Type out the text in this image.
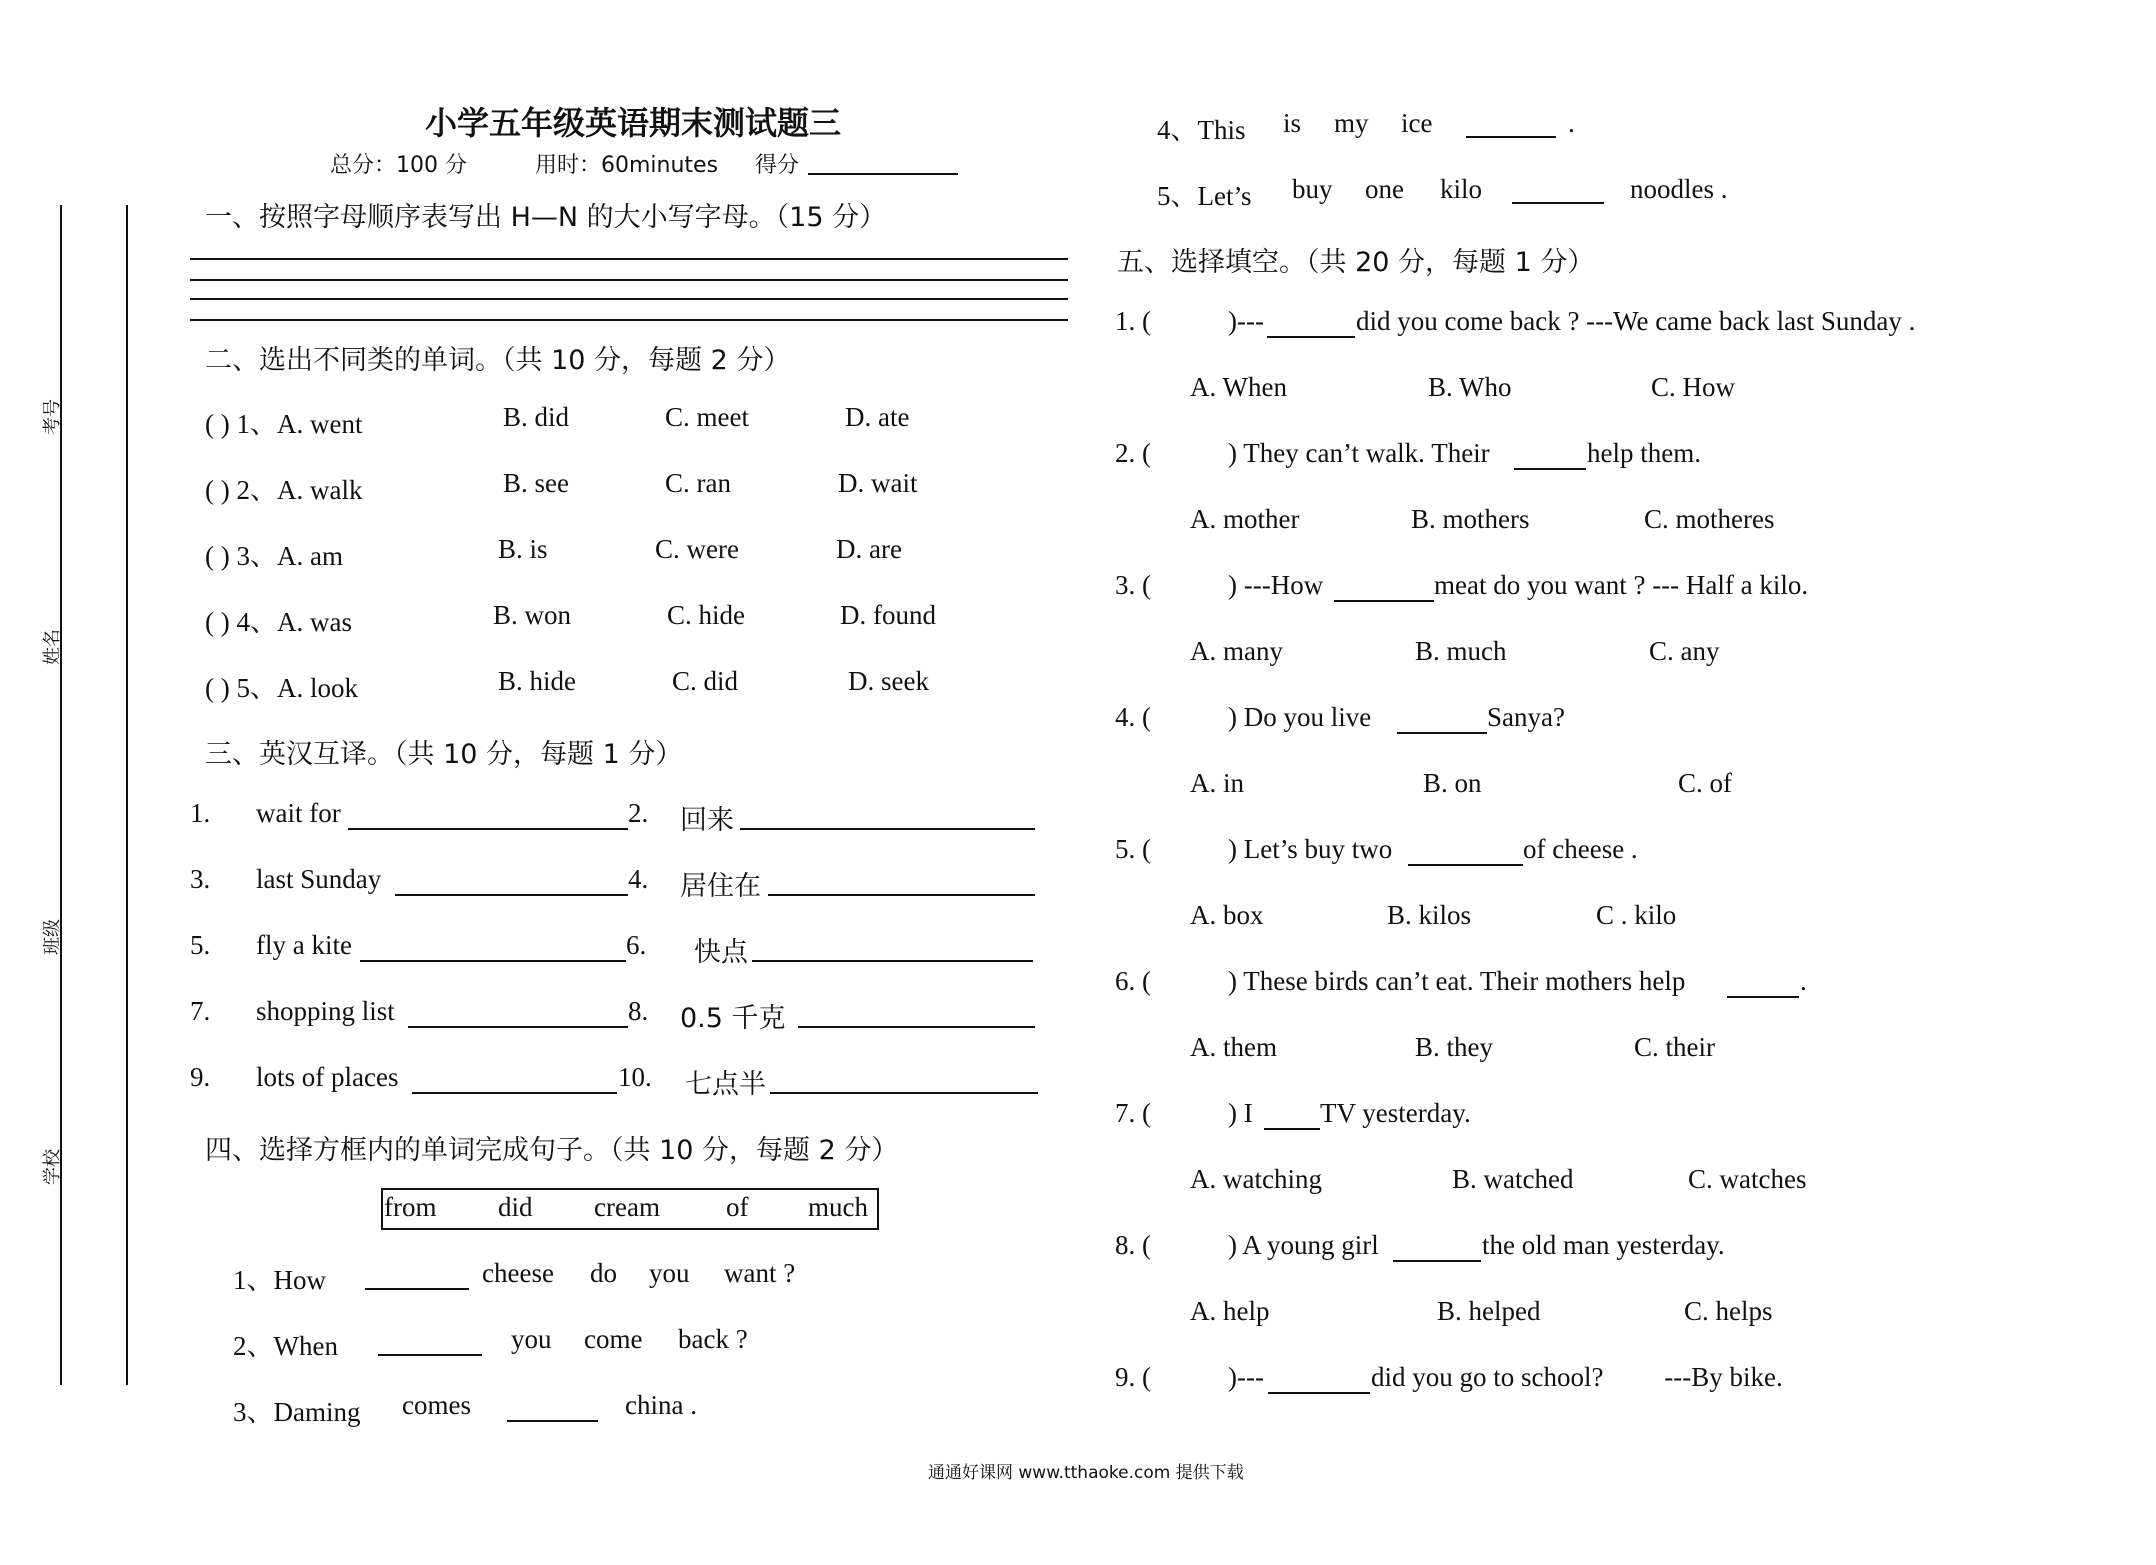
小学五年级英语期末测试题三
总分：100 分	用时：60minutes 得分
考号
姓名
班级
学校
一、按照字母顺序表写出 H—N 的大小写字母。（15 分）
二、选出不同类的单词。（共 10 分，每题 2 分）
( ) 1、A. went	B. did	C. meet	D. ate
( ) 2、A. walk	B. see	C. ran	D. wait
( ) 3、A. am	B. is	C. were	D. are
( ) 4、A. was	B. won	C. hide	D. found
( ) 5、A. look	B. hide	C. did	D. seek
三、英汉互译。（共 10 分，每题 1 分）
1. wait for	2. 回来
3. last Sunday	4. 居住在
5. fly a kite	6. 快点
7. shopping list	8. 0.5 千克
9. lots of places	10. 七点半
四、选择方框内的单词完成句子。（共 10 分，每题 2 分）
from did cream of much
1、How	cheese do you want ?
2、When	you come back ?
3、Daming comes	china .
4、This is my ice	.
5、Let’s buy one kilo	noodles .
五、选择填空。（共 20 分，每题 1 分）
1. (	)---	did you come back ? ---We came back last Sunday .
A. When	B. Who	C. How
2. (	) They can’t walk. Their	help them.
A. mother	B. mothers	C. motheres
3. (	) ---How	meat do you want ? --- Half a kilo.
A. many	B. much	C. any
4. (	) Do you live	Sanya?
A. in	B. on	C. of
5. (	) Let’s buy two	of cheese .
A. box	B. kilos	C . kilo
6. (	) These birds can’t eat. Their mothers help	.
A. them	B. they	C. their
7. (	) I TV yesterday.
A. watching	B. watched	C. watches
8. (	) A young girl	the old man yesterday.
A. help	B. helped	C. helps
9. (	)---	did you go to school?         ---By bike.
通通好课网 www.tthaoke.com 提供下载
